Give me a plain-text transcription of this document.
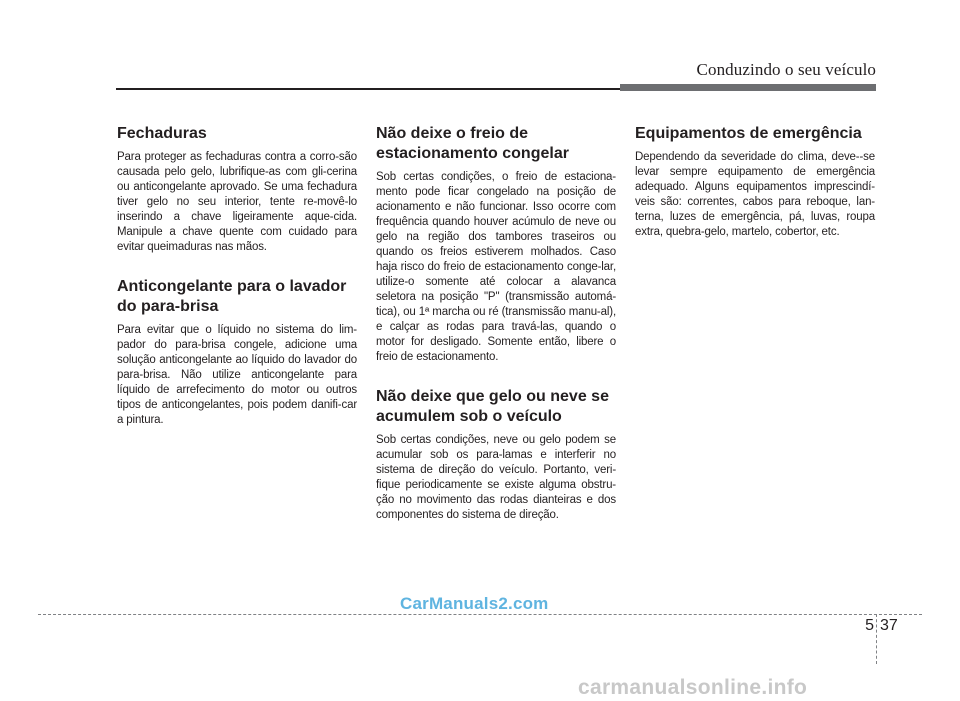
Conduzindo o seu veículo
Fechaduras

Para proteger as fechaduras contra a corro-são causada pelo gelo, lubrifique-as com gli-cerina ou anticongelante aprovado. Se uma fechadura tiver gelo no seu interior, tente re-movê-lo inserindo a chave ligeiramente aque-cida. Manipule a chave quente com cuidado para evitar queimaduras nas mãos.

Anticongelante para o lavador do para-brisa

Para evitar que o líquido no sistema do lim-pador do para-brisa congele, adicione uma solução anticongelante ao líquido do lavador do para-brisa. Não utilize anticongelante para líquido de arrefecimento do motor ou outros tipos de anticongelantes, pois podem danifi-car a pintura.

Não deixe o freio de estacionamento congelar

Sob certas condições, o freio de estaciona-mento pode ficar congelado na posição de acionamento e não funcionar. Isso ocorre com frequência quando houver acúmulo de neve ou gelo na região dos tambores traseiros ou quando os freios estiverem molhados. Caso haja risco do freio de estacionamento conge-lar, utilize-o somente até colocar a alavanca seletora na posição "P" (transmissão automá-tica), ou 1ª marcha ou ré (transmissão manu-al), e calçar as rodas para travá-las, quando o motor for desligado. Somente então, libere o freio de estacionamento.

Não deixe que gelo ou neve se acumulem sob o veículo

Sob certas condições, neve ou gelo podem se acumular sob os para-lamas e interferir no sistema de direção do veículo. Portanto, veri-fique periodicamente se existe alguma obstru-ção no movimento das rodas dianteiras e dos componentes do sistema de direção.

Equipamentos de emergência

Dependendo da severidade do clima, deve--se levar sempre equipamento de emergência adequado. Alguns equipamentos imprescindí-veis são: correntes, cabos para reboque, lan-terna, luzes de emergência, pá, luvas, roupa extra, quebra-gelo, martelo, cobertor, etc.

CarManuals2.com
5 37
carmanualsonline.info
